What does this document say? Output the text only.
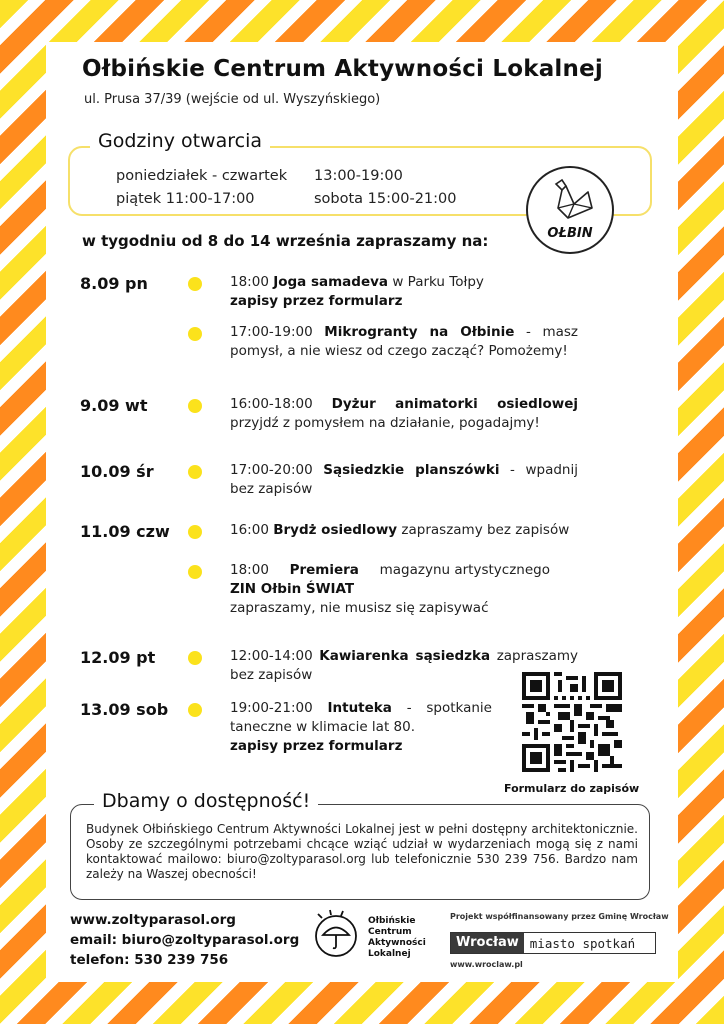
Ołbińskie Centrum Aktywności Lokalnej
ul. Prusa 37/39 (wejście od ul. Wyszyńskiego)
Godziny otwarcia
poniedziałek - czwartek 13:00-19:00
piątek 11:00-17:00	sobota 15:00-21:00
OŁBIN
w tygodniu od 8 do 14 września zapraszamy na:
8.09 pn
9.09 wt
10.09 śr
11.09 czw
12.09 pt
13.09 sob
18:00 Joga samadeva w Parku Tołpy
zapisy przez formularz
17:00-19:00 Mikrogranty na Ołbinie - masz pomysł, a nie wiesz od czego zacząć? Pomożemy!
16:00-18:00 Dyżur animatorki osiedlowej przyjdź z pomysłem na działanie, pogadajmy!
17:00-20:00 Sąsiedzkie planszówki - wpadnij bez zapisów
16:00 Brydż osiedlowy zapraszamy bez zapisów
18:00 Premiera magazynu artystycznego
ZIN Ołbin ŚWIAT
zapraszamy, nie musisz się zapisywać
12:00-14:00 Kawiarenka sąsiedzka zapraszamy bez zapisów
19:00-21:00 Intuteka - spotkanie taneczne w klimacie lat 80.
zapisy przez formularz
Formularz do zapisów
Dbamy o dostępność!
Budynek Ołbińskiego Centrum Aktywności Lokalnej jest w pełni dostępny architektonicznie. Osoby ze szczególnymi potrzebami chcące wziąć udział w wydarzeniach mogą się z nami kontaktować mailowo: biuro@zoltyparasol.org lub telefonicznie 530 239 756. Bardzo nam zależy na Waszej obecności!
www.zoltyparasol.org
email: biuro@zoltyparasol.org
telefon: 530 239 756
Ołbińskie
Centrum
Aktywności
Lokalnej
Projekt współfinansowany przez Gminę Wrocław
Wrocław miasto spotkań
www.wroclaw.pl
